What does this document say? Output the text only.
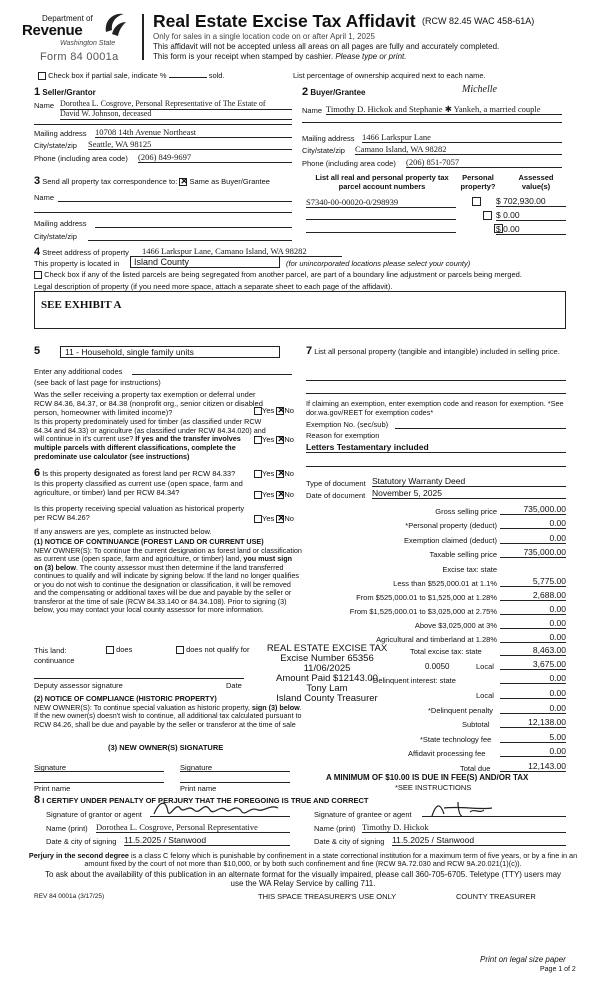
Department of
Revenue
Washington State
Form 84 0001a
Real Estate Excise Tax Affidavit (RCW 82.45 WAC 458-61A)
Only for sales in a single location code on or after April 1, 2025
This affidavit will not be accepted unless all areas on all pages are fully and accurately completed.
This form is your receipt when stamped by cashier. Please type or print.
Check box if partial sale, indicate %	sold.	List percentage of ownership acquired next to each name.
1 Seller/Grantor
Name Dorothea L. Cosgrove, Personal Representative of The Estate of
David W. Johnson, deceased
Mailing address 10708 14th Avenue Northeast
City/state/zip Seattle, WA 98125
Phone (including area code) (206) 849-9697
2 Buyer/Grantee	Michelle
Name Timothy D. Hickok and Stephanie ✱ Yankeh, a married couple
Mailing address 1466 Larkspur Lane
City/state/zip Camano Island, WA 98282
Phone (including area code) (206) 851-7057
3 Send all property tax correspondence to: ✕ Same as Buyer/Grantee
Name
Mailing address
City/state/zip
List all real and personal property tax parcel account numbers
Personal property?
Assessed value(s)
S7340-00-00020-0/298939
	$ 702,930.00
$ 0.00
$ 0.00
4 Street address of property 1466 Larkspur Lane, Camano Island, WA 98282
This property is located in	Island County	(for unincorporated locations please select your county)
Check box if any of the listed parcels are being segregated from another parcel, are part of a boundary line adjustment or parcels being merged.
Legal description of property (if you need more space, attach a separate sheet to each page of the affidavit).
SEE EXHIBIT A
5	11 - Household, single family units
Enter any additional codes
(see back of last page for instructions)
Was the seller receiving a property tax exemption or deferral under RCW 84.36, 84.37, or 84.38 (nonprofit org., senior citizen or disabled person, homeowner with limited income)?	Yes ✕ No
Is this property predominately used for timber (as classified under RCW 84.34 and 84.33) or agriculture (as classified under RCW 84.34.020) and will continue in it's current use? If yes and the transfer involves multiple parcels with different classifications, complete the predominate use calculator (see instructions)
Yes ✕ No
6 Is this property designated as forest land per RCW 84.33?	Yes ✕ No
Is this property classified as current use (open space, farm and agriculture, or timber) land per RCW 84.34?	Yes ✕ No
Is this property receiving special valuation as historical property per RCW 84.26?	Yes ✕ No
If any answers are yes, complete as instructed below.
(1) NOTICE OF CONTINUANCE (FOREST LAND OR CURRENT USE)
NEW OWNER(S): To continue the current designation as forest land or classification as current use (open space, farm and agriculture, or timber) land, you must sign on (3) below. The county assessor must then determine if the land transferred continues to qualify and will indicate by signing below. If the land no longer qualifies or you do not wish to continue the designation or classification, it will be removed and the compensating or additional taxes will be due and payable by the seller or transferor at the time of sale (RCW 84.33.140 or 84.34.108). Prior to signing (3) below, you may contact your local county assessor for more information.
This land:
continuance
does	does not qualify for
Deputy assessor signature	Date
(2) NOTICE OF COMPLIANCE (HISTORIC PROPERTY)
NEW OWNER(S): To continue special valuation as historic property, sign (3) below. If the new owner(s) doesn't wish to continue, all additional tax calculated pursuant to RCW 84.26, shall be due and payable by the seller or transferor at the time of sale
(3) NEW OWNER(S) SIGNATURE
Signature	Signature
Print name	Print name
7 List all personal property (tangible and intangible) included in selling price.
If claiming an exemption, enter exemption code and reason for exemption. *See dor.wa.gov/REET for exemption codes*
Exemption No. (sec/sub)
Reason for exemption
Letters Testamentary included
Type of document Statutory Warranty Deed
Date of document November 5, 2025
Gross selling price	735,000.00
*Personal property (deduct)	0.00
Exemption claimed (deduct)	0.00
Taxable selling price	735,000.00
Excise tax: state
Less than $525,000.01 at 1.1%	5,775.00
From $525,000.01 to $1,525,000 at 1.28%	2,688.00
From $1,525,000.01 to $3,025,000 at 2.75%	0.00
Above $3,025,000 at 3%	0.00
Agricultural and timberland at 1.28%	0.00
Total excise tax: state	8,463.00
0.0050	Local	3,675.00
*Delinquent interest: state	0.00
Local	0.00
*Delinquent penalty	0.00
Subtotal	12,138.00
*State technology fee	5.00
Affidavit processing fee	0.00
Total due	12,143.00
A MINIMUM OF $10.00 IS DUE IN FEE(S) AND/OR TAX
*SEE INSTRUCTIONS
REAL ESTATE EXCISE TAX
Excise Number 65356
11/06/2025
Amount Paid $12143.00
Tony Lam
Island County Treasurer
8 I CERTIFY UNDER PENALTY OF PERJURY THAT THE FOREGOING IS TRUE AND CORRECT
Signature of grantor or agent
Name (print) Dorothea L. Cosgrove, Personal Representative
Date & city of signing 11.5.2025 / Stanwood
Signature of grantee or agent
Name (print) Timothy D. Hickok
Date & city of signing 11.5.2025 / Stanwood
Perjury in the second degree is a class C felony which is punishable by confinement in a state correctional institution for a maximum term of five years, or by a fine in an amount fixed by the court of not more than $10,000, or by both such confinement and fine (RCW 9A.72.030 and RCW 9A.20.021(1)(c)).
To ask about the availability of this publication in an alternate format for the visually impaired, please call 360-705-6705. Teletype (TTY) users may use the WA Relay Service by calling 711.
REV 84 0001a (3/17/25)	THIS SPACE TREASURER'S USE ONLY	COUNTY TREASURER
Print on legal size paper
Page 1 of 2
